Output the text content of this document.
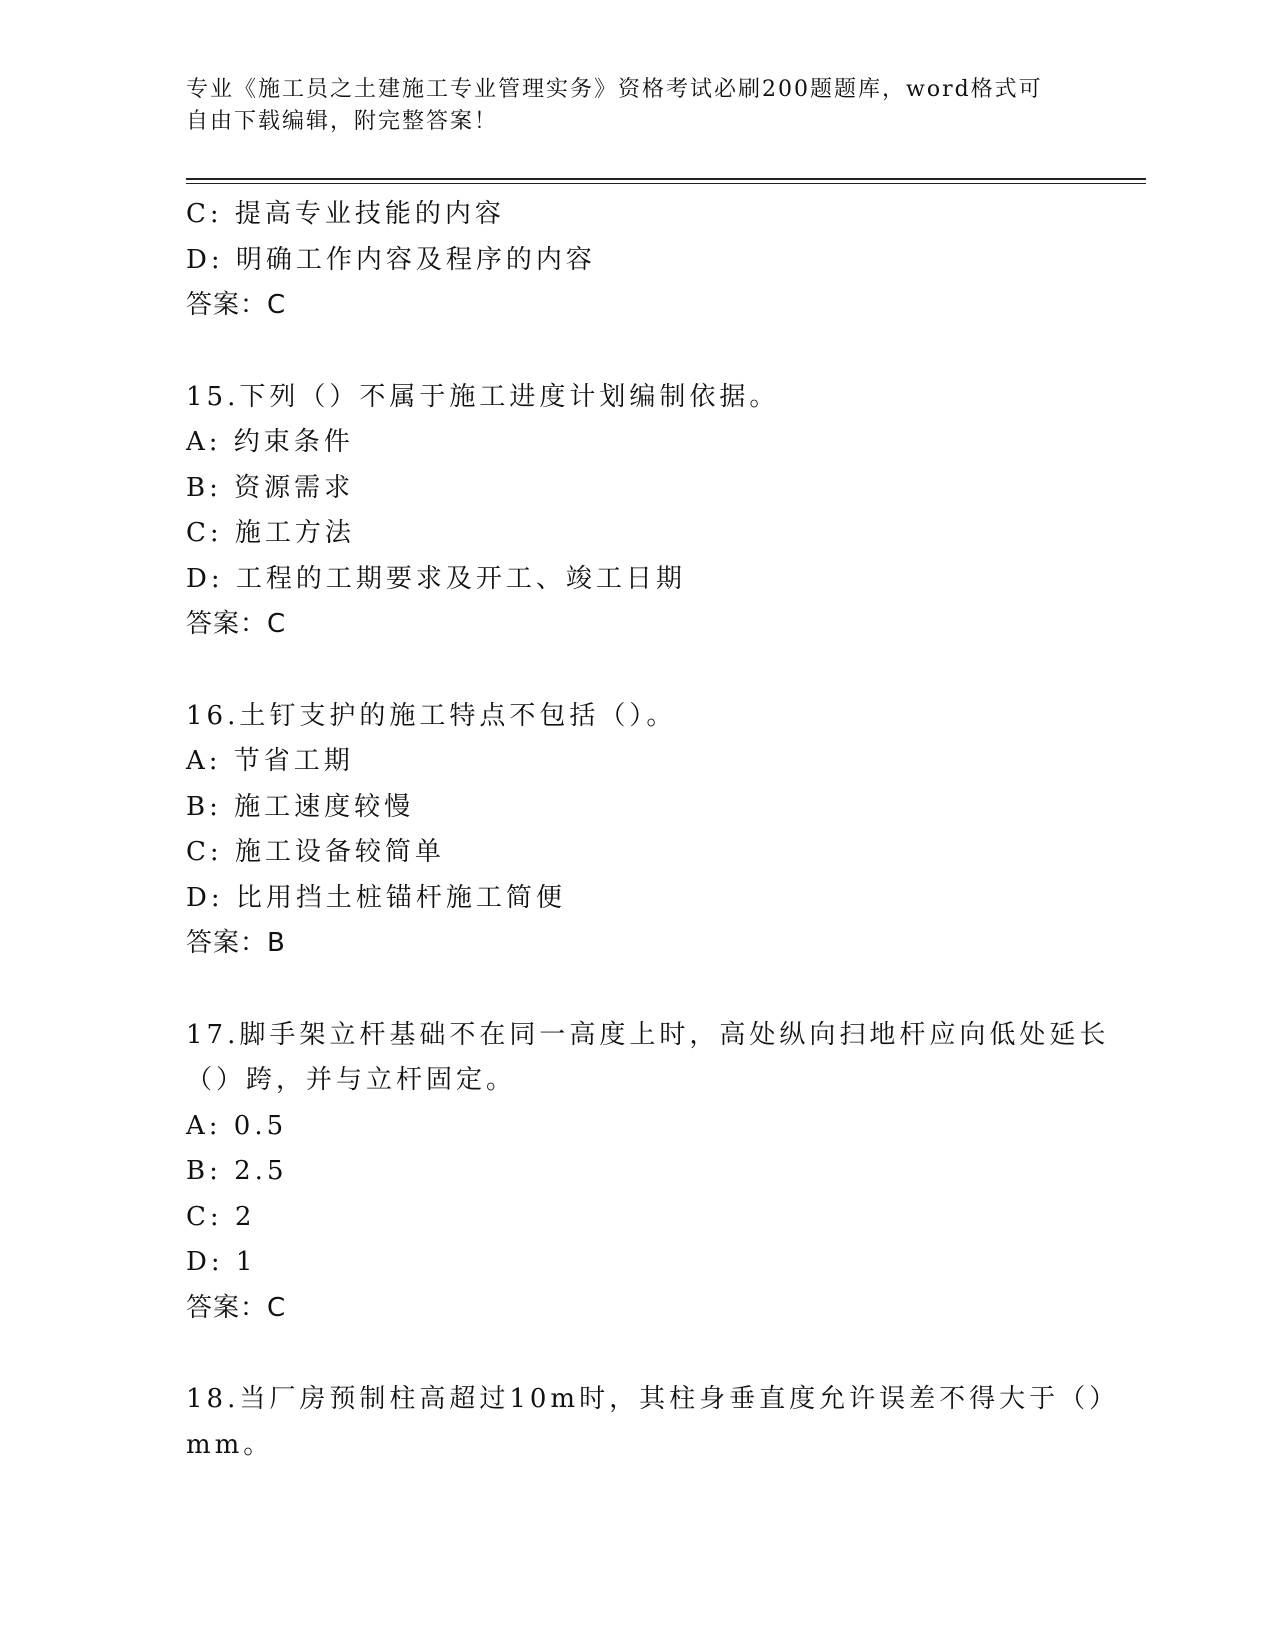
专业《施工员之土建施工专业管理实务》资格考试必刷200题题库，word格式可
自由下载编辑，附完整答案！
C: 提高专业技能的内容
D: 明确工作内容及程序的内容
答案：C
15.下列（）不属于施工进度计划编制依据。
A: 约束条件
B: 资源需求
C: 施工方法
D: 工程的工期要求及开工、竣工日期
答案：C
16.土钉支护的施工特点不包括（）。
A: 节省工期
B: 施工速度较慢
C: 施工设备较简单
D: 比用挡土桩锚杆施工简便
答案：B
17.脚手架立杆基础不在同一高度上时，高处纵向扫地杆应向低处延长
（）跨，并与立杆固定。
A: 0.5
B: 2.5
C: 2
D: 1
答案：C
18.当厂房预制柱高超过10m时，其柱身垂直度允许误差不得大于（）
mm。
